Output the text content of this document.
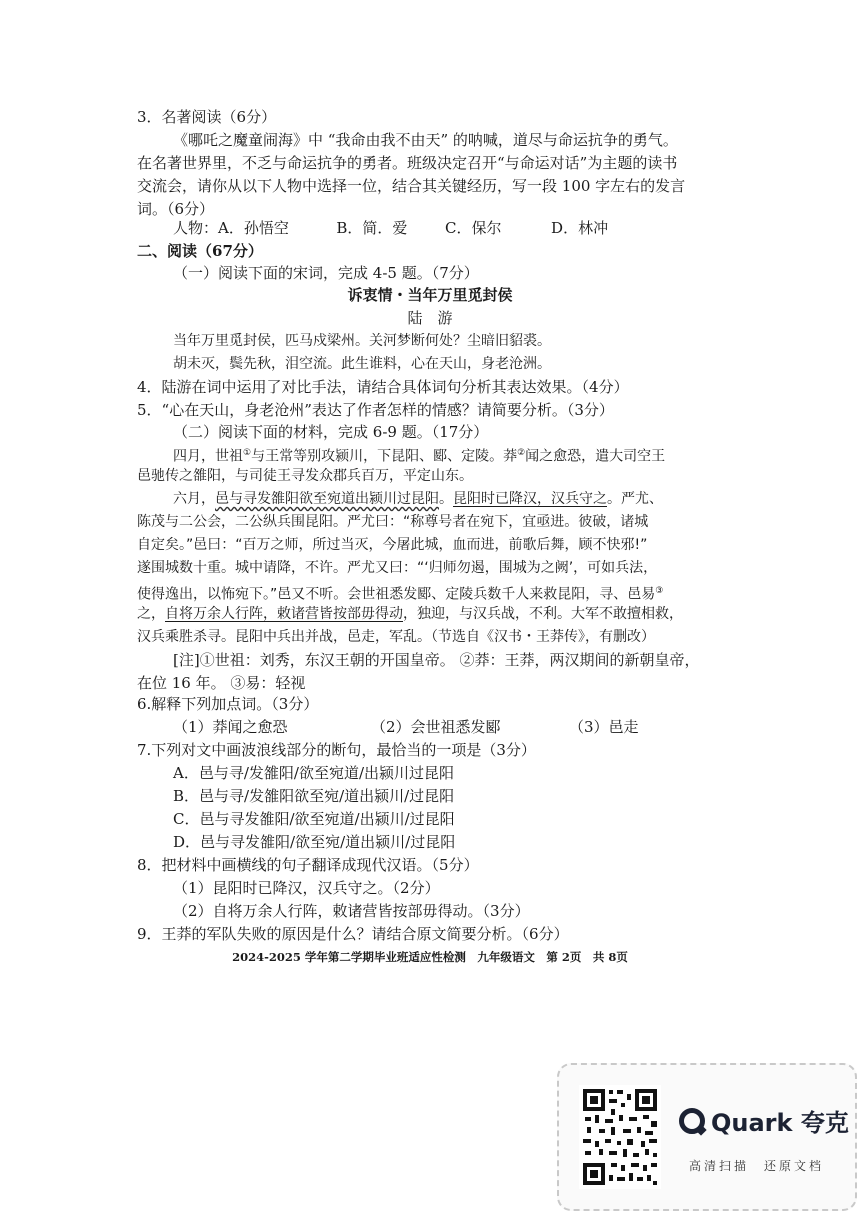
3．名著阅读（6分）
《哪吒之魔童闹海》中 “我命由我不由天” 的呐喊，道尽与命运抗争的勇气。
在名著世界里，不乏与命运抗争的勇者。班级决定召开“与命运对话”为主题的读书
交流会，请你从以下人物中选择一位，结合其关键经历，写一段 100 字左右的发言
词。（6分）
人物：A．孙悟空	B．简．爱	C．保尔	D．林冲
二、阅读（67分）
（一）阅读下面的宋词，完成 4-5 题。（7分）
诉衷情・当年万里觅封侯
陆　游
当年万里觅封侯，匹马戍梁州。关河梦断何处？尘暗旧貂裘。
胡未灭，鬓先秋，泪空流。此生谁料，心在天山，身老沧洲。
4．陆游在词中运用了对比手法，请结合具体词句分析其表达效果。（4分）
5．“心在天山，身老沧州”表达了作者怎样的情感？请简要分析。（3分）
（二）阅读下面的材料，完成 6-9 题。（17分）
四月，世祖①与王常等别攻颍川，下昆阳、郾、定陵。莽②闻之愈恐，遣大司空王
邑驰传之雒阳，与司徒王寻发众郡兵百万，平定山东。
六月，邑与寻发雒阳欲至宛道出颍川过昆阳。昆阳时已降汉，汉兵守之。严尤、
陈茂与二公会，二公纵兵围昆阳。严尤曰：“称尊号者在宛下，宜亟进。彼破，诸城
自定矣。”邑曰：“百万之师，所过当灭，今屠此城，血而进，前歌后舞，顾不快邪!”
遂围城数十重。城中请降，不许。严尤又曰：“‘归师勿遏，围城为之阙’，可如兵法，
使得逸出，以怖宛下。”邑又不听。会世祖悉发郾、定陵兵数千人来救昆阳，寻、邑易③
之，自将万余人行阵，敕诸营皆按部毋得动，独迎，与汉兵战，不利。大军不敢擅相救，
汉兵乘胜杀寻。昆阳中兵出并战，邑走，军乱。（节选自《汉书・王莽传》，有删改）
[注]①世祖：刘秀，东汉王朝的开国皇帝。 ②莽：王莽，两汉期间的新朝皇帝，
在位 16 年。 ③易：轻视
6.解释下列加点词。（3分）
（1）莽闻之愈恐	（2）会世祖悉发郾	（3）邑走
7.下列对文中画波浪线部分的断句，最恰当的一项是（3分）
A．邑与寻/发雒阳/欲至宛道/出颍川过昆阳
B．邑与寻/发雒阳欲至宛/道出颍川/过昆阳
C．邑与寻发雒阳/欲至宛道/出颍川/过昆阳
D．邑与寻发雒阳/欲至宛/道出颍川/过昆阳
8．把材料中画横线的句子翻译成现代汉语。（5分）
（1）昆阳时已降汉，汉兵守之。（2分）
（2）自将万余人行阵，敕诸营皆按部毋得动。（3分）
9．王莽的军队失败的原因是什么？请结合原文简要分析。（6分）
2024-2025 学年第二学期毕业班适应性检测　九年级语文　第 2页　共 8页
Quark 夸克
高清扫描　还原文档
